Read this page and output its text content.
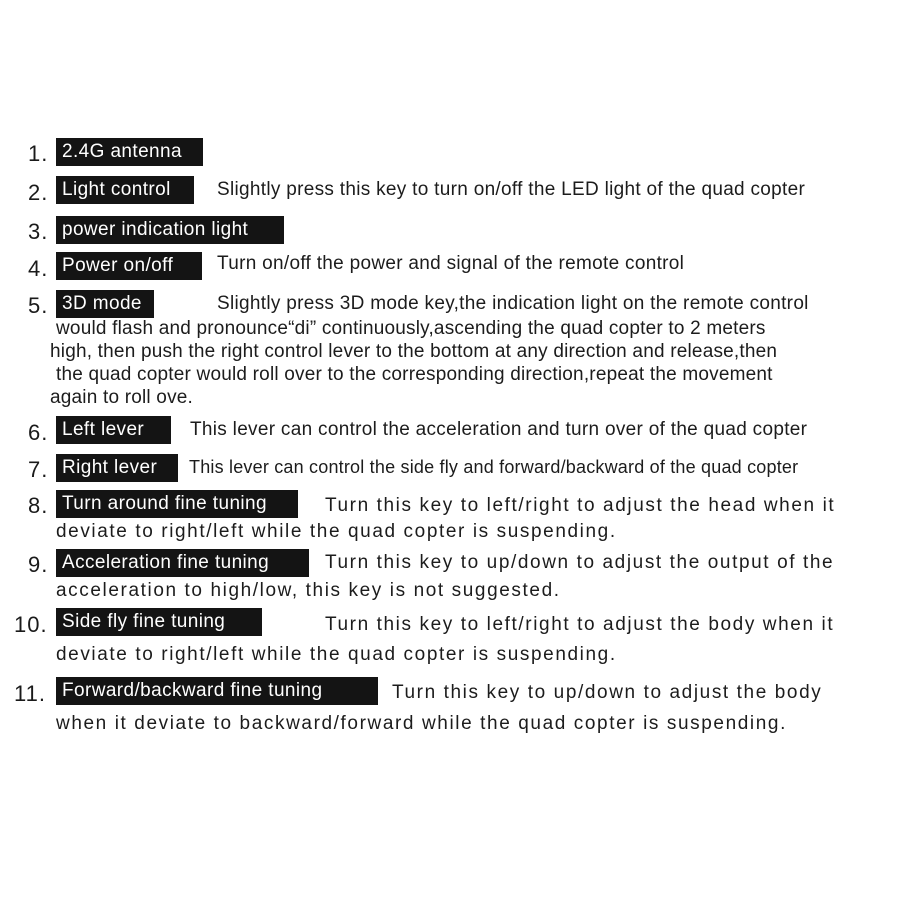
1. 2.4G antenna
2. Light control	Slightly press this key to turn on/off the LED light of the quad copter
3. power indication light
4. Power on/off	Turn on/off the power and signal of the remote control
5. 3D mode	Slightly press 3D mode key,the indication light on the remote control
would flash and pronounce“di” continuously,ascending the quad copter to 2 meters
high, then push the right control lever to the bottom at any direction and release,then
the quad copter would roll over to the corresponding direction,repeat the movement
again to roll ove.
6. Left lever	This lever can control the acceleration and turn over of the quad copter
7. Right lever	This lever can control the side fly and forward/backward of the quad copter
8. Turn around fine tuning	Turn this key to left/right to adjust the head when it
deviate to right/left while the quad copter is suspending.
9. Acceleration fine tuning	Turn this key to up/down to adjust the output of the
acceleration to high/low, this key is not suggested.
10. Side fly fine tuning	Turn this key to left/right to adjust the body when it
deviate to right/left while the quad copter is suspending.
11. Forward/backward fine tuning	Turn this key to up/down to adjust the body
when it deviate to backward/forward while the quad copter is suspending.
